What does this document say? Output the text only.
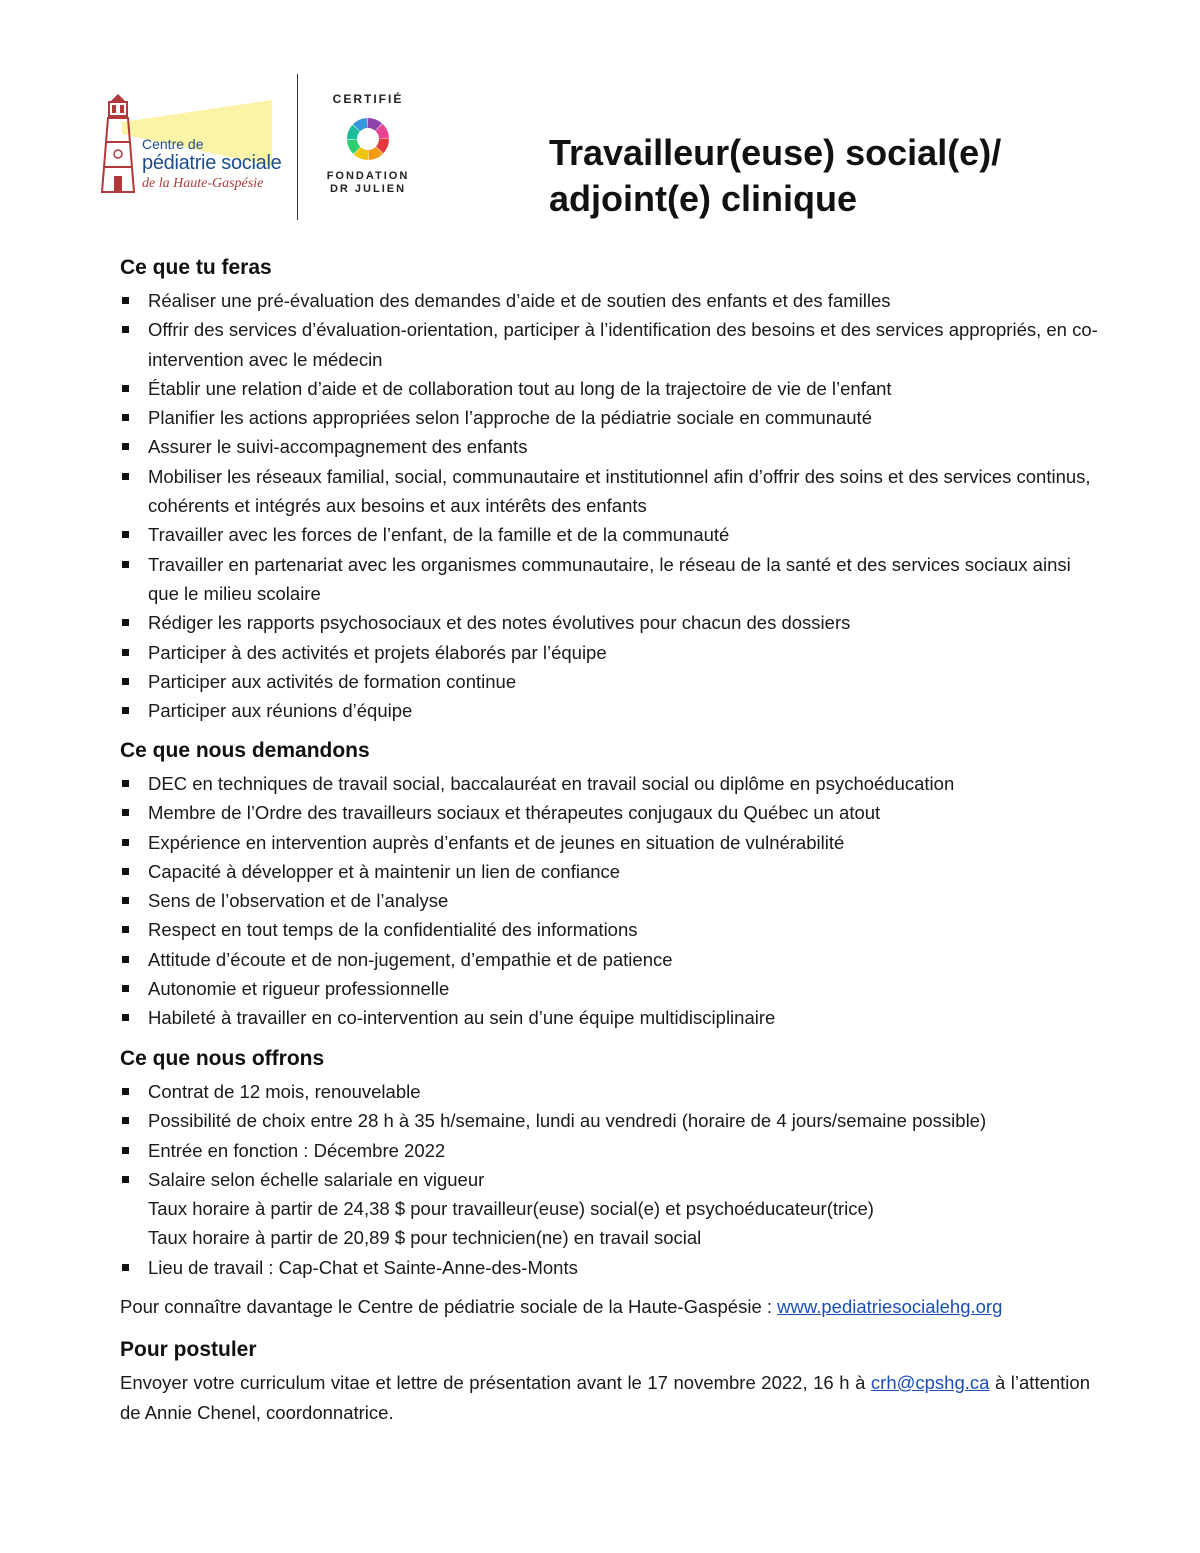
Centre de
pédiatrie sociale
de la Haute-Gaspésie
CERTIFIÉ
FONDATION
DR JULIEN
Travailleur(euse) social(e)/
adjoint(e) clinique
Ce que tu feras
Réaliser une pré-évaluation des demandes d’aide et de soutien des enfants et des familles
Offrir des services d’évaluation-orientation, participer à l’identification des besoins et des services appropriés, en co-intervention avec le médecin
Établir une relation d’aide et de collaboration tout au long de la trajectoire de vie de l’enfant
Planifier les actions appropriées selon l’approche de la pédiatrie sociale en communauté
Assurer le suivi-accompagnement des enfants
Mobiliser les réseaux familial, social, communautaire et institutionnel afin d’offrir des soins et des services continus, cohérents et intégrés aux besoins et aux intérêts des enfants
Travailler avec les forces de l’enfant, de la famille et de la communauté
Travailler en partenariat avec les organismes communautaire, le réseau de la santé et des services sociaux ainsi que le milieu scolaire
Rédiger les rapports psychosociaux et des notes évolutives pour chacun des dossiers
Participer à des activités et projets élaborés par l’équipe
Participer aux activités de formation continue
Participer aux réunions d’équipe
Ce que nous demandons
DEC en techniques de travail social, baccalauréat en travail social ou diplôme en psychoéducation
Membre de l’Ordre des travailleurs sociaux et thérapeutes conjugaux du Québec un atout
Expérience en intervention auprès d’enfants et de jeunes en situation de vulnérabilité
Capacité à développer et à maintenir un lien de confiance
Sens de l’observation et de l’analyse
Respect en tout temps de la confidentialité des informations
Attitude d’écoute et de non-jugement, d’empathie et de patience
Autonomie et rigueur professionnelle
Habileté à travailler en co-intervention au sein d’une équipe multidisciplinaire
Ce que nous offrons
Contrat de 12 mois, renouvelable
Possibilité de choix entre 28 h à 35 h/semaine, lundi au vendredi (horaire de 4 jours/semaine possible)
Entrée en fonction : Décembre 2022
Salaire selon échelle salariale en vigueur
Taux horaire à partir de 24,38 $ pour travailleur(euse) social(e) et psychoéducateur(trice)
Taux horaire à partir de 20,89 $ pour technicien(ne) en travail social
Lieu de travail : Cap-Chat et Sainte-Anne-des-Monts
Pour connaître davantage le Centre de pédiatrie sociale de la Haute-Gaspésie : www.pediatriesocialehg.org
Pour postuler
Envoyer votre curriculum vitae et lettre de présentation avant le 17 novembre 2022, 16 h à crh@cpshg.ca à l’attention de Annie Chenel, coordonnatrice.
